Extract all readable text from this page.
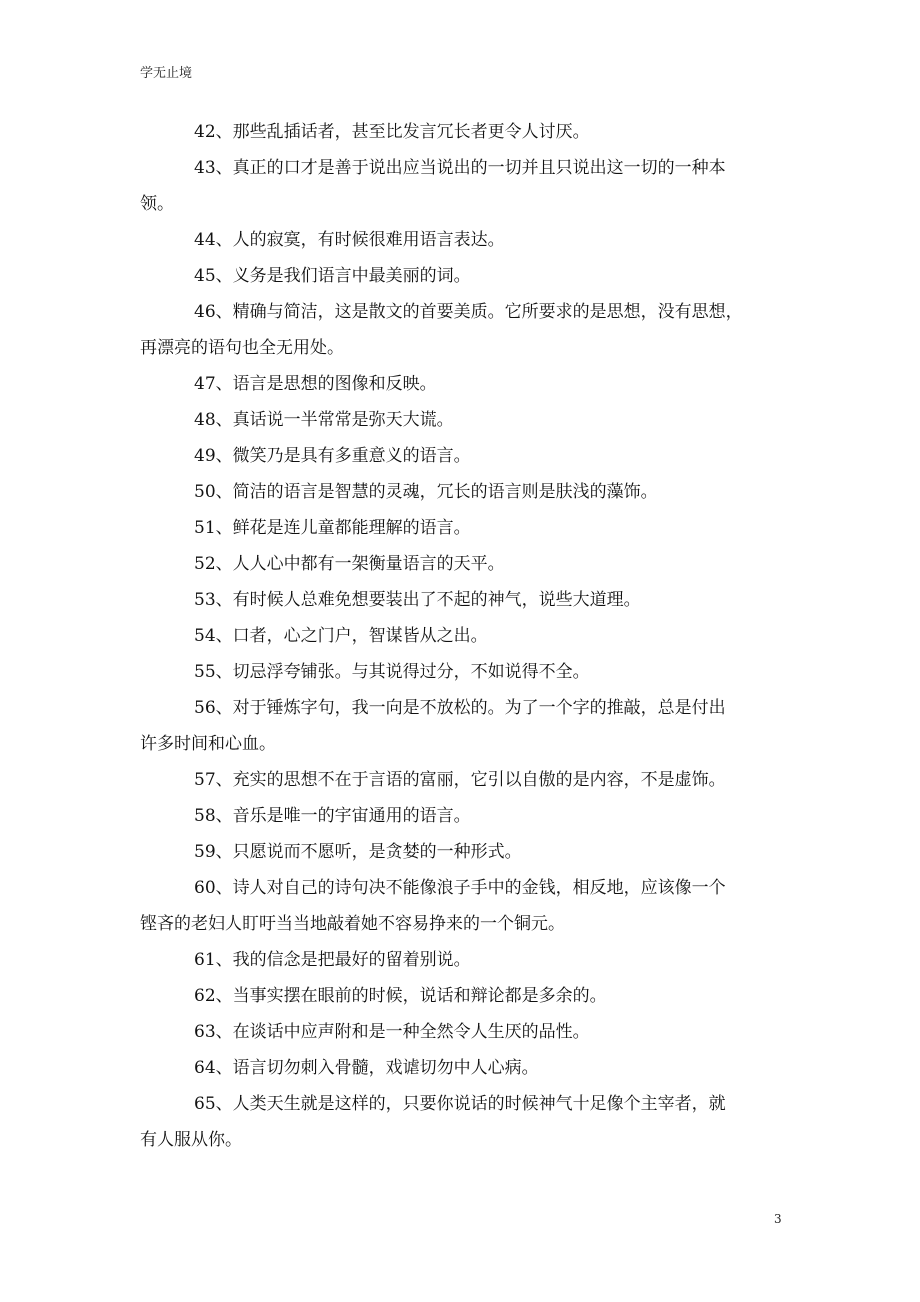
学无止境

42、那些乱插话者，甚至比发言冗长者更令人讨厌。

43、真正的口才是善于说出应当说出的一切并且只说出这一切的一种本
领。

44、人的寂寞，有时候很难用语言表达。

45、义务是我们语言中最美丽的词。

46、精确与简洁，这是散文的首要美质。它所要求的是思想，没有思想，
再漂亮的语句也全无用处。

47、语言是思想的图像和反映。

48、真话说一半常常是弥天大谎。

49、微笑乃是具有多重意义的语言。

50、简洁的语言是智慧的灵魂，冗长的语言则是肤浅的藻饰。

51、鲜花是连儿童都能理解的语言。

52、人人心中都有一架衡量语言的天平。

53、有时候人总难免想要装出了不起的神气，说些大道理。

54、口者，心之门户，智谋皆从之出。

55、切忌浮夸铺张。与其说得过分，不如说得不全。

56、对于锤炼字句，我一向是不放松的。为了一个字的推敲，总是付出
许多时间和心血。

57、充实的思想不在于言语的富丽，它引以自傲的是内容，不是虚饰。

58、音乐是唯一的宇宙通用的语言。

59、只愿说而不愿听，是贪婪的一种形式。

60、诗人对自己的诗句决不能像浪子手中的金钱，相反地，应该像一个
铿吝的老妇人盯吁当当地敲着她不容易挣来的一个铜元。

61、我的信念是把最好的留着别说。

62、当事实摆在眼前的时候，说话和辩论都是多余的。

63、在谈话中应声附和是一种全然令人生厌的品性。

64、语言切勿刺入骨髓，戏谑切勿中人心病。

65、人类天生就是这样的，只要你说话的时候神气十足像个主宰者，就
有人服从你。

3
